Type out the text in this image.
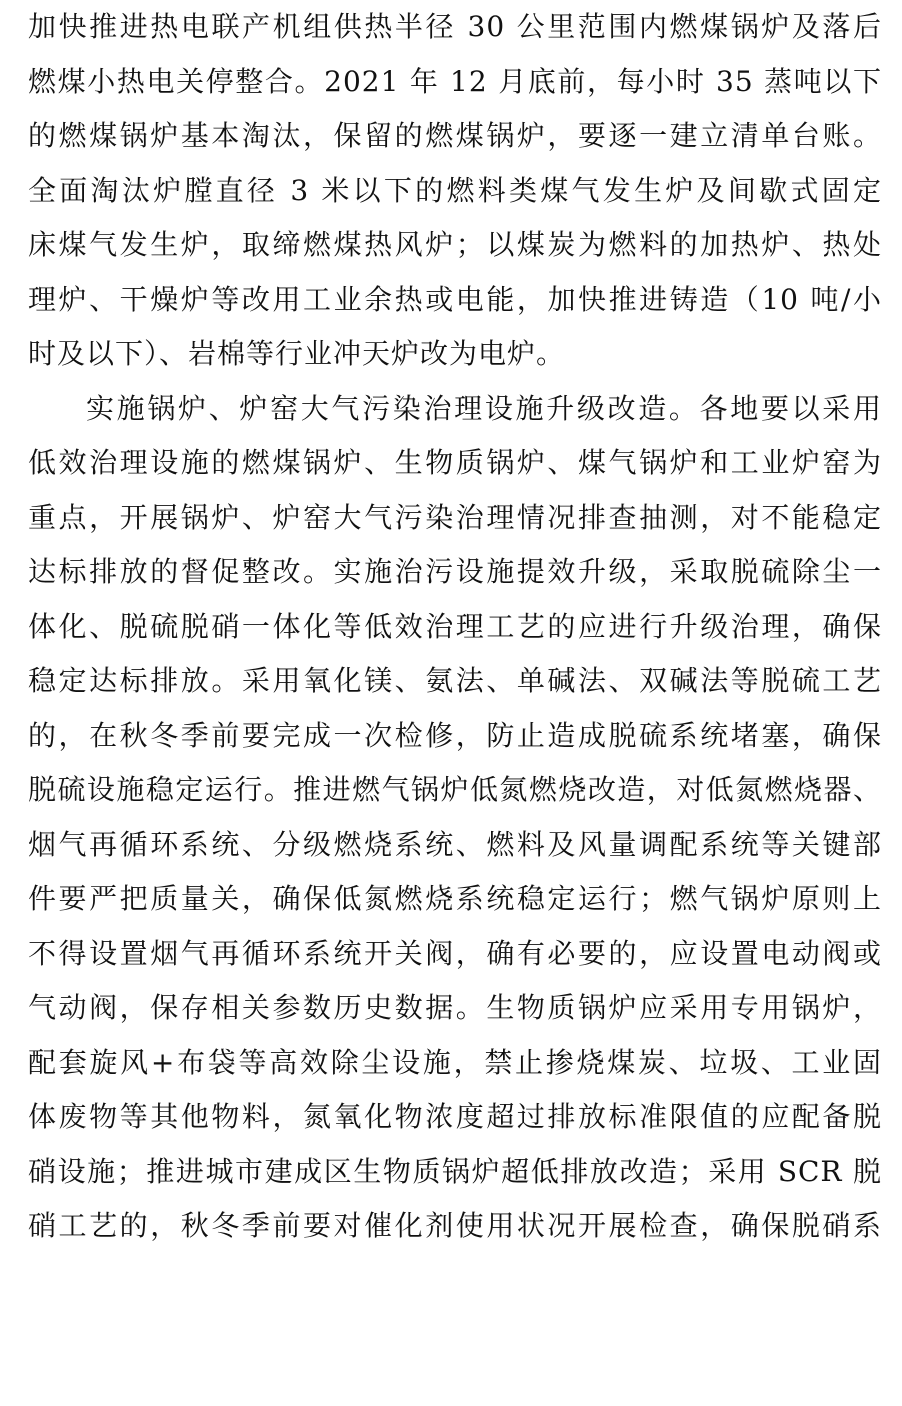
加快推进热电联产机组供热半径 30 公里范围内燃煤锅炉及落后
燃煤小热电关停整合。2021 年 12 月底前，每小时 35 蒸吨以下
的燃煤锅炉基本淘汰，保留的燃煤锅炉，要逐一建立清单台账。
全面淘汰炉膛直径 3 米以下的燃料类煤气发生炉及间歇式固定
床煤气发生炉，取缔燃煤热风炉；以煤炭为燃料的加热炉、热处
理炉、干燥炉等改用工业余热或电能，加快推进铸造（10 吨/小
时及以下）、岩棉等行业冲天炉改为电炉。
实施锅炉、炉窑大气污染治理设施升级改造。各地要以采用
低效治理设施的燃煤锅炉、生物质锅炉、煤气锅炉和工业炉窑为
重点，开展锅炉、炉窑大气污染治理情况排查抽测，对不能稳定
达标排放的督促整改。实施治污设施提效升级，采取脱硫除尘一
体化、脱硫脱硝一体化等低效治理工艺的应进行升级治理，确保
稳定达标排放。采用氧化镁、氨法、单碱法、双碱法等脱硫工艺
的，在秋冬季前要完成一次检修，防止造成脱硫系统堵塞，确保
脱硫设施稳定运行。推进燃气锅炉低氮燃烧改造，对低氮燃烧器、
烟气再循环系统、分级燃烧系统、燃料及风量调配系统等关键部
件要严把质量关，确保低氮燃烧系统稳定运行；燃气锅炉原则上
不得设置烟气再循环系统开关阀，确有必要的，应设置电动阀或
气动阀，保存相关参数历史数据。生物质锅炉应采用专用锅炉，
配套旋风+布袋等高效除尘设施，禁止掺烧煤炭、垃圾、工业固
体废物等其他物料，氮氧化物浓度超过排放标准限值的应配备脱
硝设施；推进城市建成区生物质锅炉超低排放改造；采用 SCR 脱
硝工艺的，秋冬季前要对催化剂使用状况开展检查，确保脱硝系
